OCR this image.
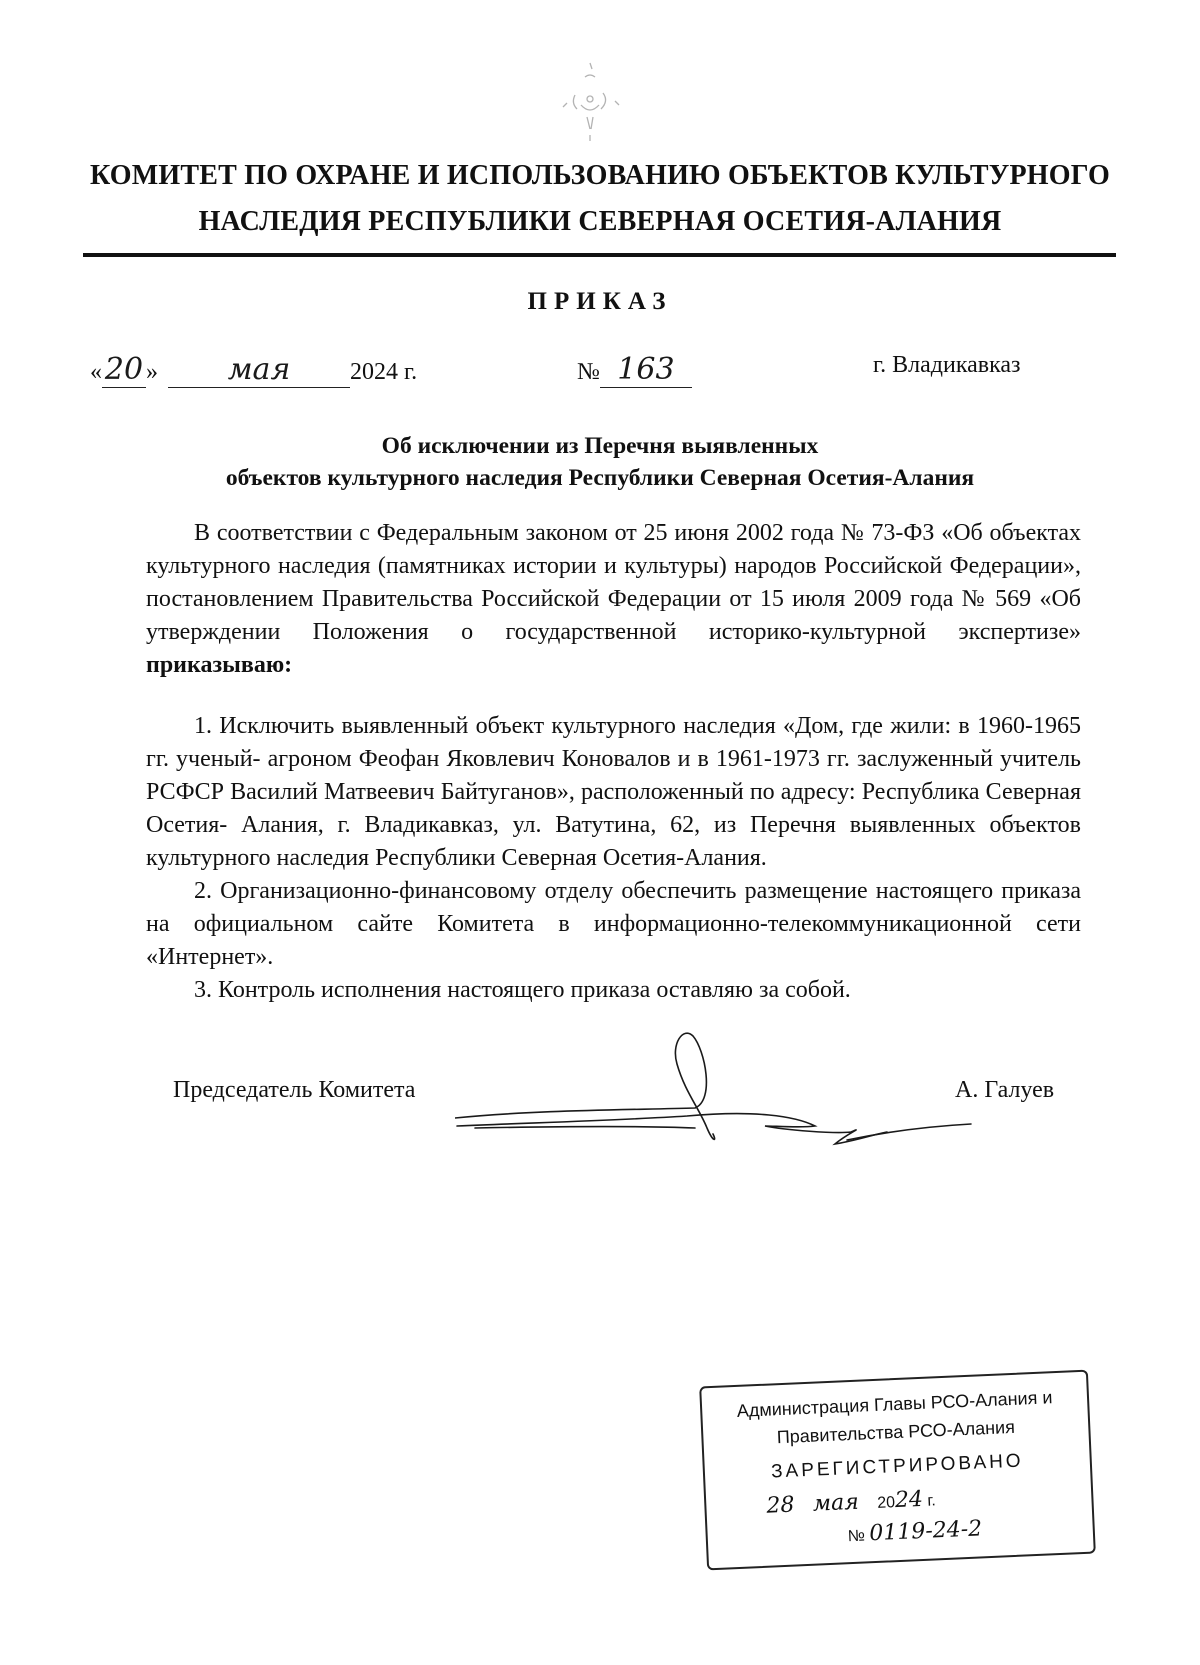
КОМИТЕТ ПО ОХРАНЕ И ИСПОЛЬЗОВАНИЮ ОБЪЕКТОВ КУЛЬТУРНОГО
НАСЛЕДИЯ РЕСПУБЛИКИ СЕВЕРНАЯ ОСЕТИЯ-АЛАНИЯ
ПРИКАЗ
«20 » мая 2024 г.	№ 163	г. Владикавказ
Об исключении из Перечня выявленных
объектов культурного наследия Республики Северная Осетия-Алания

В соответствии с Федеральным законом от 25 июня 2002 года № 73-ФЗ «Об объектах культурного наследия (памятниках истории и культуры) народов Российской Федерации», постановлением Правительства Российской Федерации от 15 июля 2009 года № 569 «Об утверждении Положения о государственной историко-культурной экспертизе» приказываю:

1. Исключить выявленный объект культурного наследия «Дом, где жили: в 1960-1965 гг. ученый- агроном Феофан Яковлевич Коновалов и в 1961-1973 гг. заслуженный учитель РСФСР Василий Матвеевич Байтуганов», расположенный по адресу: Республика Северная Осетия- Алания, г. Владикавказ, ул. Ватутина, 62, из Перечня выявленных объектов культурного наследия Республики Северная Осетия-Алания.

2. Организационно-финансовому отделу обеспечить размещение настоящего приказа на официальном сайте Комитета в информационно-телекоммуникационной сети «Интернет».

3. Контроль исполнения настоящего приказа оставляю за собой.

Председатель Комитета	А. Галуев
Администрация Главы РСО-Алания и
Правительства РСО-Алания
ЗАРЕГИСТРИРОВАНО
28 мая 2024 г.
№ 0119-24-2
